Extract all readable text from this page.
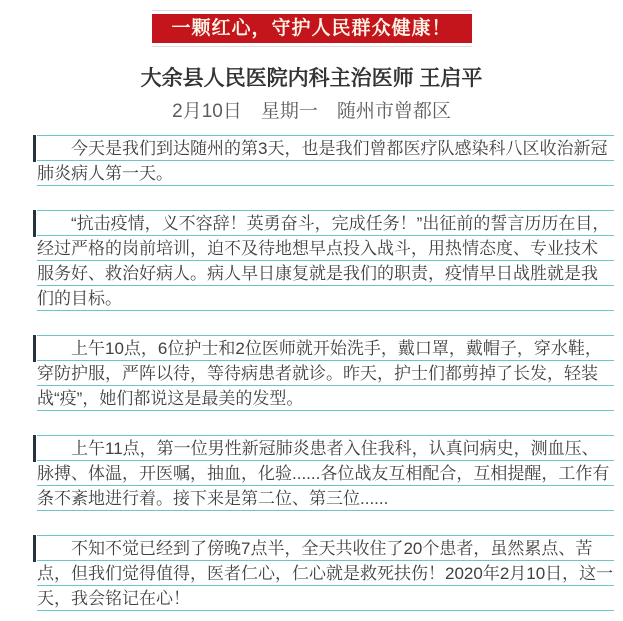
一颗红心，守护人民群众健康！
大余县人民医院内科主治医师 王启平
2月10日　星期一　随州市曾都区
今天是我们到达随州的第3天，也是我们曾都医疗队感染科八区收治新冠肺炎病人第一天。
“抗击疫情，义不容辞！英勇奋斗，完成任务！”出征前的誓言历历在目，经过严格的岗前培训，迫不及待地想早点投入战斗，用热情态度、专业技术服务好、救治好病人。病人早日康复就是我们的职责，疫情早日战胜就是我们的目标。
上午10点，6位护士和2位医师就开始洗手，戴口罩，戴帽子，穿水鞋，穿防护服，严阵以待，等待病患者就诊。昨天，护士们都剪掉了长发，轻装战“疫”，她们都说这是最美的发型。
上午11点，第一位男性新冠肺炎患者入住我科，认真问病史，测血压、脉搏、体温，开医嘱，抽血，化验......各位战友互相配合，互相提醒，工作有条不紊地进行着。接下来是第二位、第三位......
不知不觉已经到了傍晚7点半，全天共收住了20个患者，虽然累点、苦点，但我们觉得值得，医者仁心，仁心就是救死扶伤！2020年2月10日，这一天，我会铭记在心！
